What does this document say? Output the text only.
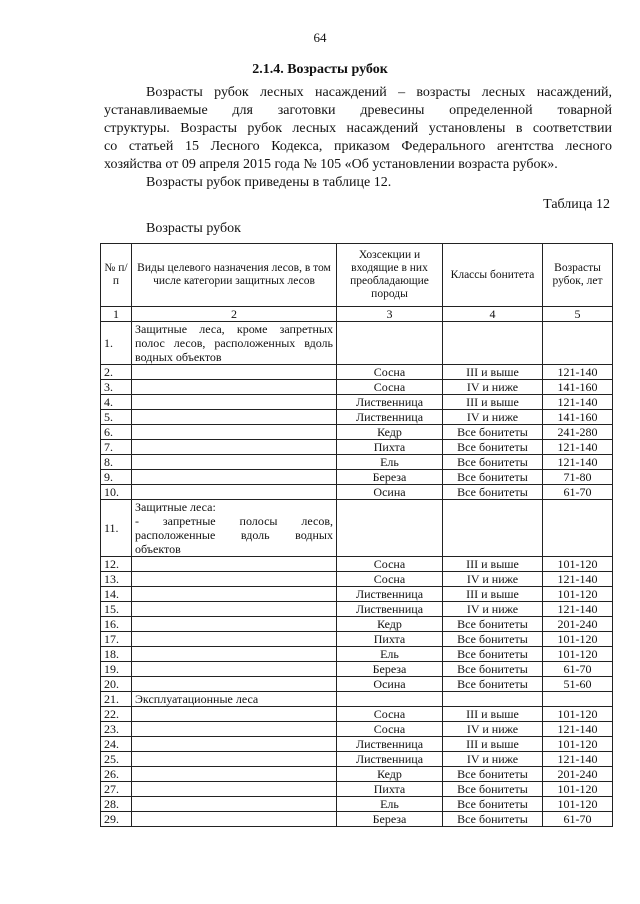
64
2.1.4. Возрасты рубок
Возрасты рубок лесных насаждений – возрасты лесных насаждений,
устанавливаемые для заготовки древесины определенной товарной
структуры. Возрасты рубок лесных насаждений установлены в соответствии
со статьей 15 Лесного Кодекса, приказом Федерального агентства лесного
хозяйства от 09 апреля 2015 года № 105 «Об установлении возраста рубок».
Возрасты рубок приведены в таблице 12.
Таблица 12
Возрасты рубок
№ п/п	Виды целевого назначения лесов, в том числе категории защитных лесов	Хозсекции и входящие в них преобладающие породы	Классы бонитета	Возрасты рубок, лет
1	2	3	4	5
1.	Защитные леса, кроме запретных полос лесов, расположенных вдоль водных объектов			
2.		Сосна	III и выше	121-140
3.		Сосна	IV и ниже	141-160
4.		Лиственница	III и выше	121-140
5.		Лиственница	IV и ниже	141-160
6.		Кедр	Все бонитеты	241-280
7.		Пихта	Все бонитеты	121-140
8.		Ель	Все бонитеты	121-140
9.		Береза	Все бонитеты	71-80
10.		Осина	Все бонитеты	61-70
11.	Защитные леса:
- запретные полосы лесов, расположенные вдоль водных объектов			
12.		Сосна	III и выше	101-120
13.		Сосна	IV и ниже	121-140
14.		Лиственница	III и выше	101-120
15.		Лиственница	IV и ниже	121-140
16.		Кедр	Все бонитеты	201-240
17.		Пихта	Все бонитеты	101-120
18.		Ель	Все бонитеты	101-120
19.		Береза	Все бонитеты	61-70
20.		Осина	Все бонитеты	51-60
21.	Эксплуатационные леса			
22.		Сосна	III и выше	101-120
23.		Сосна	IV и ниже	121-140
24.		Лиственница	III и выше	101-120
25.		Лиственница	IV и ниже	121-140
26.		Кедр	Все бонитеты	201-240
27.		Пихта	Все бонитеты	101-120
28.		Ель	Все бонитеты	101-120
29.		Береза	Все бонитеты	61-70
